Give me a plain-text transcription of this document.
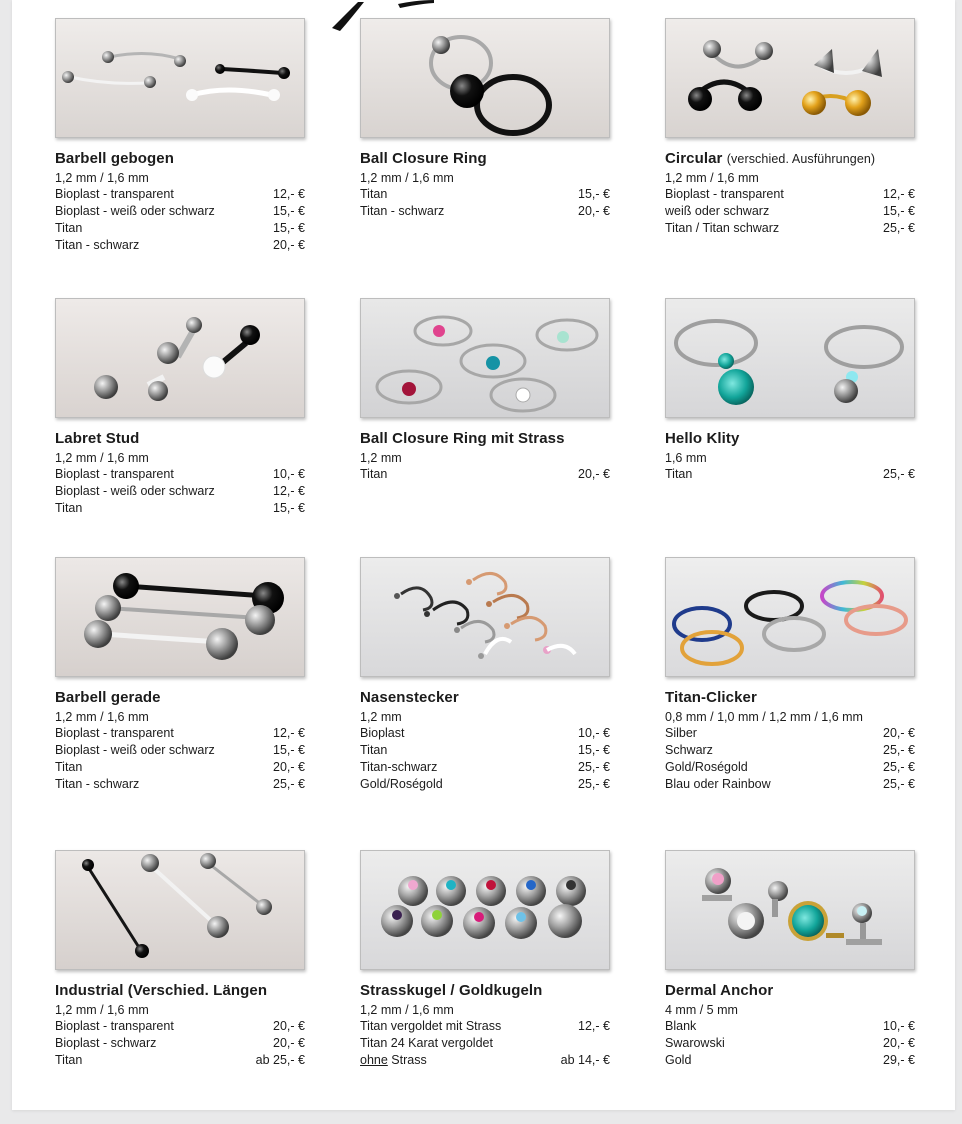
Barbell gebogen
1,2 mm / 1,6 mm
Bioplast - transparent	12,- €
Bioplast - weiß oder schwarz	15,- €
Titan	15,- €
Titan - schwarz	20,- €
Ball Closure Ring
1,2 mm / 1,6 mm
Titan	15,- €
Titan - schwarz	20,- €
Circular (verschied. Ausführungen)
1,2 mm / 1,6 mm
Bioplast - transparent	12,- €
weiß oder schwarz	15,- €
Titan / Titan schwarz	25,- €
Labret Stud
1,2 mm / 1,6 mm
Bioplast - transparent	10,- €
Bioplast - weiß oder schwarz	12,- €
Titan	15,- €
Ball Closure Ring mit Strass
1,2 mm
Titan	20,- €
Hello Klity
1,6 mm
Titan	25,- €
Barbell gerade
1,2 mm / 1,6 mm
Bioplast - transparent	12,- €
Bioplast - weiß oder schwarz	15,- €
Titan	20,- €
Titan - schwarz	25,- €
Nasenstecker
1,2 mm
Bioplast	10,- €
Titan	15,- €
Titan-schwarz	25,- €
Gold/Roségold	25,- €
Titan-Clicker
0,8 mm / 1,0 mm / 1,2 mm / 1,6 mm
Silber	20,- €
Schwarz	25,- €
Gold/Roségold	25,- €
Blau oder Rainbow	25,- €
Industrial (Verschied. Längen
1,2 mm / 1,6 mm
Bioplast - transparent	20,- €
Bioplast - schwarz	20,- €
Titan	ab 25,- €
Strasskugel / Goldkugeln
1,2 mm / 1,6 mm
Titan vergoldet mit Strass	12,- €
Titan 24 Karat vergoldet
ohne Strass	ab 14,- €
Dermal Anchor
4 mm / 5 mm
Blank	10,- €
Swarowski	20,- €
Gold	29,- €
